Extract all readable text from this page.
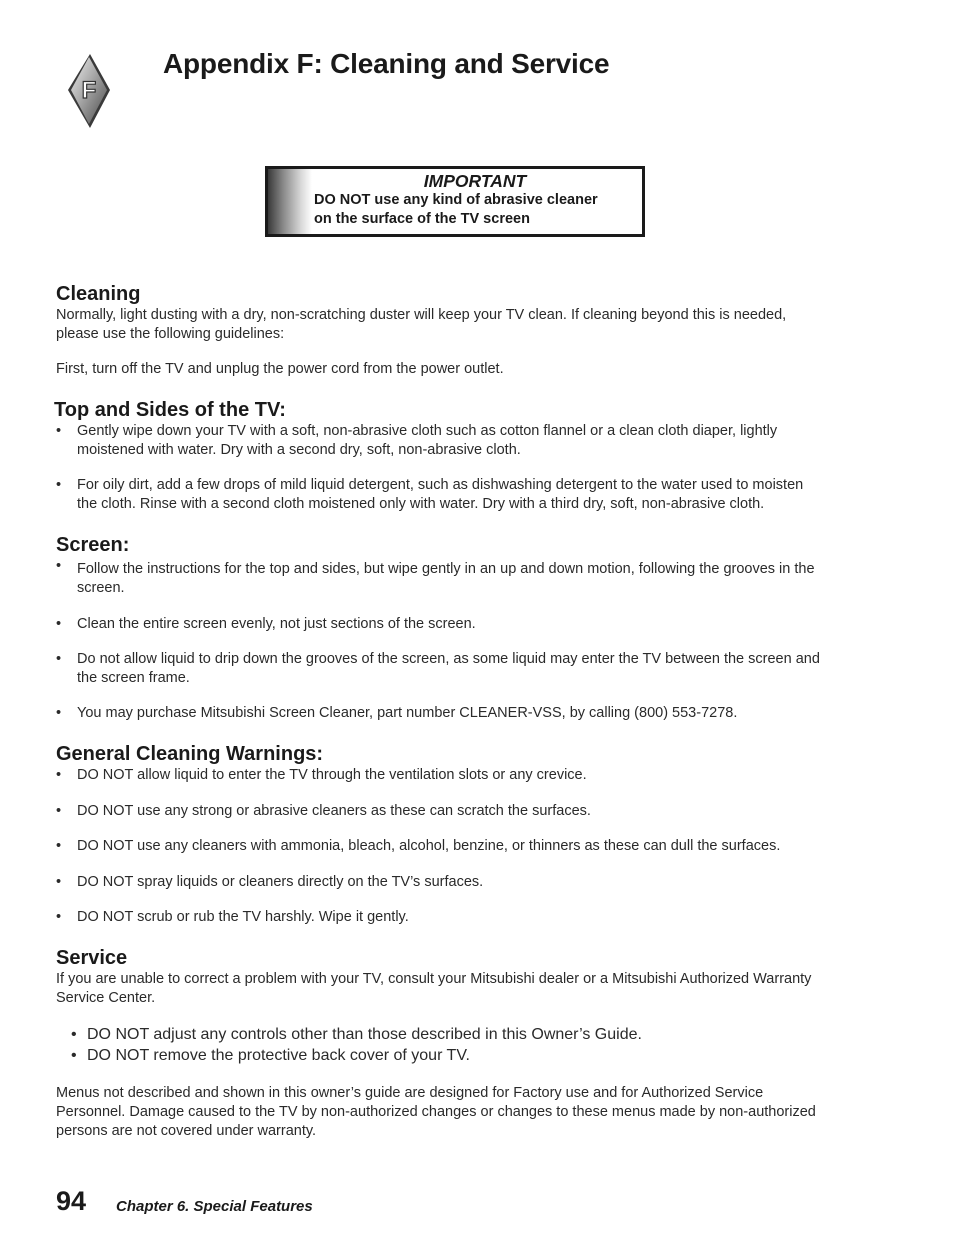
F
Appendix F: Cleaning and Service
IMPORTANT
DO NOT use any kind of abrasive cleaner
on the surface of the TV screen
Cleaning

Normally, light dusting with a dry, non-scratching duster will keep your TV clean. If cleaning beyond this is needed,

please use the following guidelines:

First, turn off the TV and unplug the power cord from the power outlet.

Top and Sides of the TV:
• Gently wipe down your TV with a soft, non-abrasive cloth such as cotton flannel or a clean cloth diaper, lightly
moistened with water. Dry with a second dry, soft, non-abrasive cloth.
• For oily dirt, add a few drops of mild liquid detergent, such as dishwashing detergent to the water used to moisten
the cloth. Rinse with a second cloth moistened only with water. Dry with a third dry, soft, non-abrasive cloth.
Screen:
• Follow the instructions for the top and sides, but wipe gently in an up and down motion, following the grooves in the
screen.
• Clean the entire screen evenly, not just sections of the screen.
• Do not allow liquid to drip down the grooves of the screen, as some liquid may enter the TV between the screen and
the screen frame.
• You may purchase Mitsubishi Screen Cleaner, part number CLEANER-VSS, by calling (800) 553-7278.
General Cleaning Warnings:
• DO NOT allow liquid to enter the TV through the ventilation slots or any crevice.
• DO NOT use any strong or abrasive cleaners as these can scratch the surfaces.
• DO NOT use any cleaners with ammonia, bleach, alcohol, benzine, or thinners as these can dull the surfaces.
• DO NOT spray liquids or cleaners directly on the TV’s surfaces.
• DO NOT scrub or rub the TV harshly. Wipe it gently.
Service

If you are unable to correct a problem with your TV, consult your Mitsubishi dealer or a Mitsubishi Authorized Warranty

Service Center.

• DO NOT adjust any controls other than those described in this Owner’s Guide.
• DO NOT remove the protective back cover of your TV.

Menus not described and shown in this owner’s guide are designed for Factory use and for Authorized Service

Personnel. Damage caused to the TV by non-authorized changes or changes to these menus made by non-authorized

persons are not covered under warranty.

94 Chapter 6. Special Features
